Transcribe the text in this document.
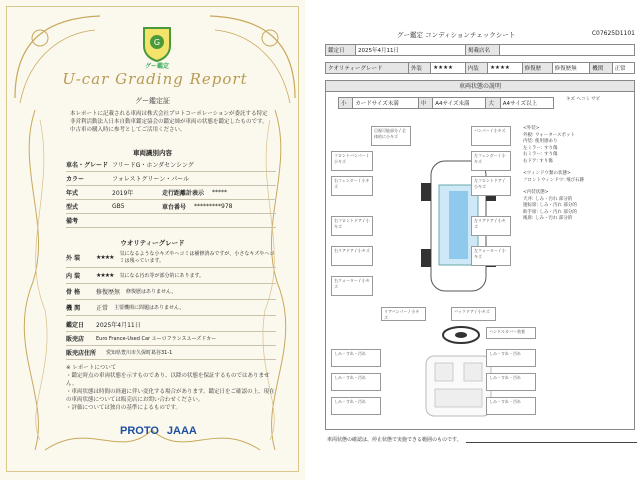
G
グー鑑定
U-car Grading Report
グー鑑定証
本レポートに記載される車両は株式会社プロトコーポレーションが委託する特定非営利活動法人日本自動車鑑定協会の鑑定師が車両の状態を鑑定したものです。中古車の購入時に参考としてご活用ください。
車両識別内容
車名・グレード フリードG・ホンダセンシング
カラー	フォレストグリーン・パール
年式	2019年	走行距離計表示 *****
型式	GB5	車台番号 *********978
備考
ウオリティーグレード
外 装	★★★★
気になるような小キズやヘコミは補修済みですが、小さなキズやヘコミは残っています。
内 装	★★★★ 気になる汚れ等が部分的にあります。
骨 格	修復歴無 修復歴はありません。
機 関	正常 主要機関に問題はありません。
鑑定日	2025年4月11日
販売店	Euro France-Used Car ユーロフランスユーズドカー
販売店住所	愛知県豊川市久保町葛谷31-1
※ レポートについて
・鑑定時点の車両状態を示すものであり、以降の状態を保証するものではありません。
・車両状態は時間の経過に伴い変化する場合があります。鑑定日をご確認の上、現在の車両状態については販売店にお問い合わせください。
・評価については独自の基準によるものです。
PROTO JAAA
グー鑑定 コンディションチェックシート	C07625D1101
鑑定日	2025年4月11日	掲載店名	
クオリティーグレード	外装	★★★★	内装	★★★★	修復歴	修復歴無	機関	正常
車両状態の説明
小	カードサイズ未満	中	A4サイズ未満	大	A4サイズ以上
キズ ヘコミ サビ
目視可能部分 / 全体的に小キズ
バンパー / 小キズ
フロントバンパー / 小キズ
左フェンダー / 小キズ
右フェンダー / 小キズ
左フロントドア / 小キズ
右フロントドア / 小キズ
左リアドア / 小キズ
右リアドア / 小キズ	左クォーター / 小キズ
右クォーター / 小キズ
リアバンパー / 小キズ
バックドア / 小キズ
<外装>
外板: ウォータースポット
内装: 使用感あり
左ミラー: すり傷
右ミラー: すり傷
右ドア: すり傷
<ウィンドウ類の状態>
フロントウィンドウ: 飛び石跡
<内装状態>
天井: しみ・汚れ 部分的
運転席: しみ・汚れ 部分的
助手席: しみ・汚れ 部分的
後席: しみ・汚れ 部分的
ハンドルカバー装着
しみ・すれ・汚れ	しみ・すれ・汚れ
しみ・すれ・汚れ	しみ・すれ・汚れ
しみ・すれ・汚れ	しみ・すれ・汚れ
車両状態の確認は、停止状態で実施できる範囲のものです。
